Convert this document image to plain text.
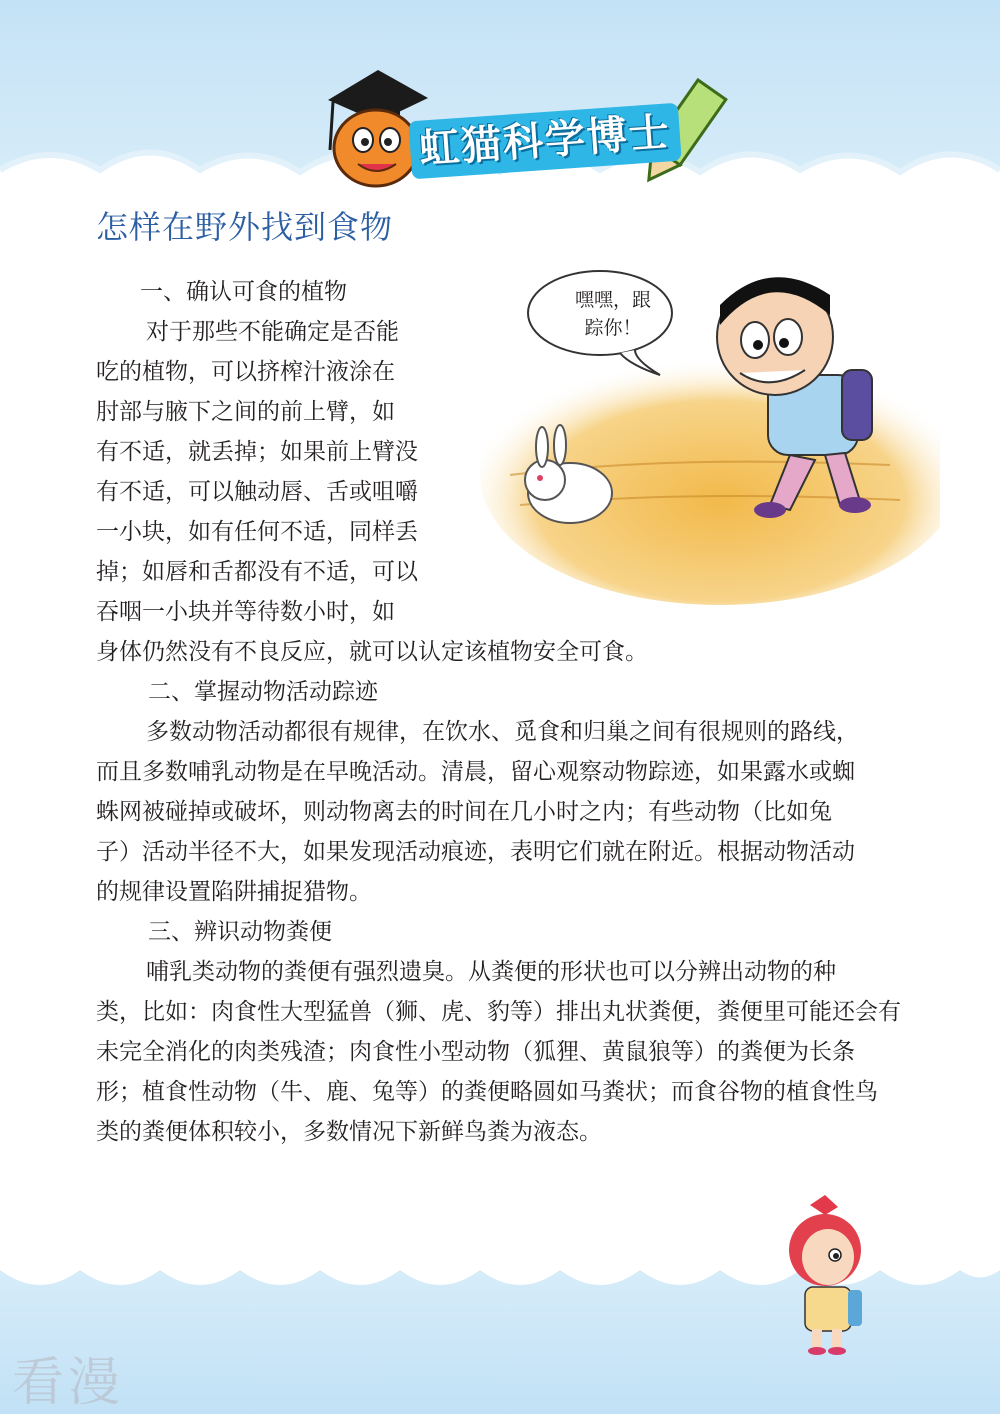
虹猫科学博士
怎样在野外找到食物
一、确认可食的植物
对于那些不能确定是否能
吃的植物，可以挤榨汁液涂在
肘部与腋下之间的前上臂，如
有不适，就丢掉；如果前上臂没
有不适，可以触动唇、舌或咀嚼
一小块，如有任何不适，同样丢
掉；如唇和舌都没有不适，可以
吞咽一小块并等待数小时，如
身体仍然没有不良反应，就可以认定该植物安全可食。
嘿嘿，跟
踪你！
二、掌握动物活动踪迹
多数动物活动都很有规律，在饮水、觅食和归巢之间有很规则的路线，
而且多数哺乳动物是在早晚活动。清晨，留心观察动物踪迹，如果露水或蜘
蛛网被碰掉或破坏，则动物离去的时间在几小时之内；有些动物（比如兔
子）活动半径不大，如果发现活动痕迹，表明它们就在附近。根据动物活动
的规律设置陷阱捕捉猎物。
三、辨识动物粪便
哺乳类动物的粪便有强烈遗臭。从粪便的形状也可以分辨出动物的种
类，比如：肉食性大型猛兽（狮、虎、豹等）排出丸状粪便，粪便里可能还会有
未完全消化的肉类残渣；肉食性小型动物（狐狸、黄鼠狼等）的粪便为长条
形；植食性动物（牛、鹿、兔等）的粪便略圆如马粪状；而食谷物的植食性鸟
类的粪便体积较小，多数情况下新鲜鸟粪为液态。
看漫
